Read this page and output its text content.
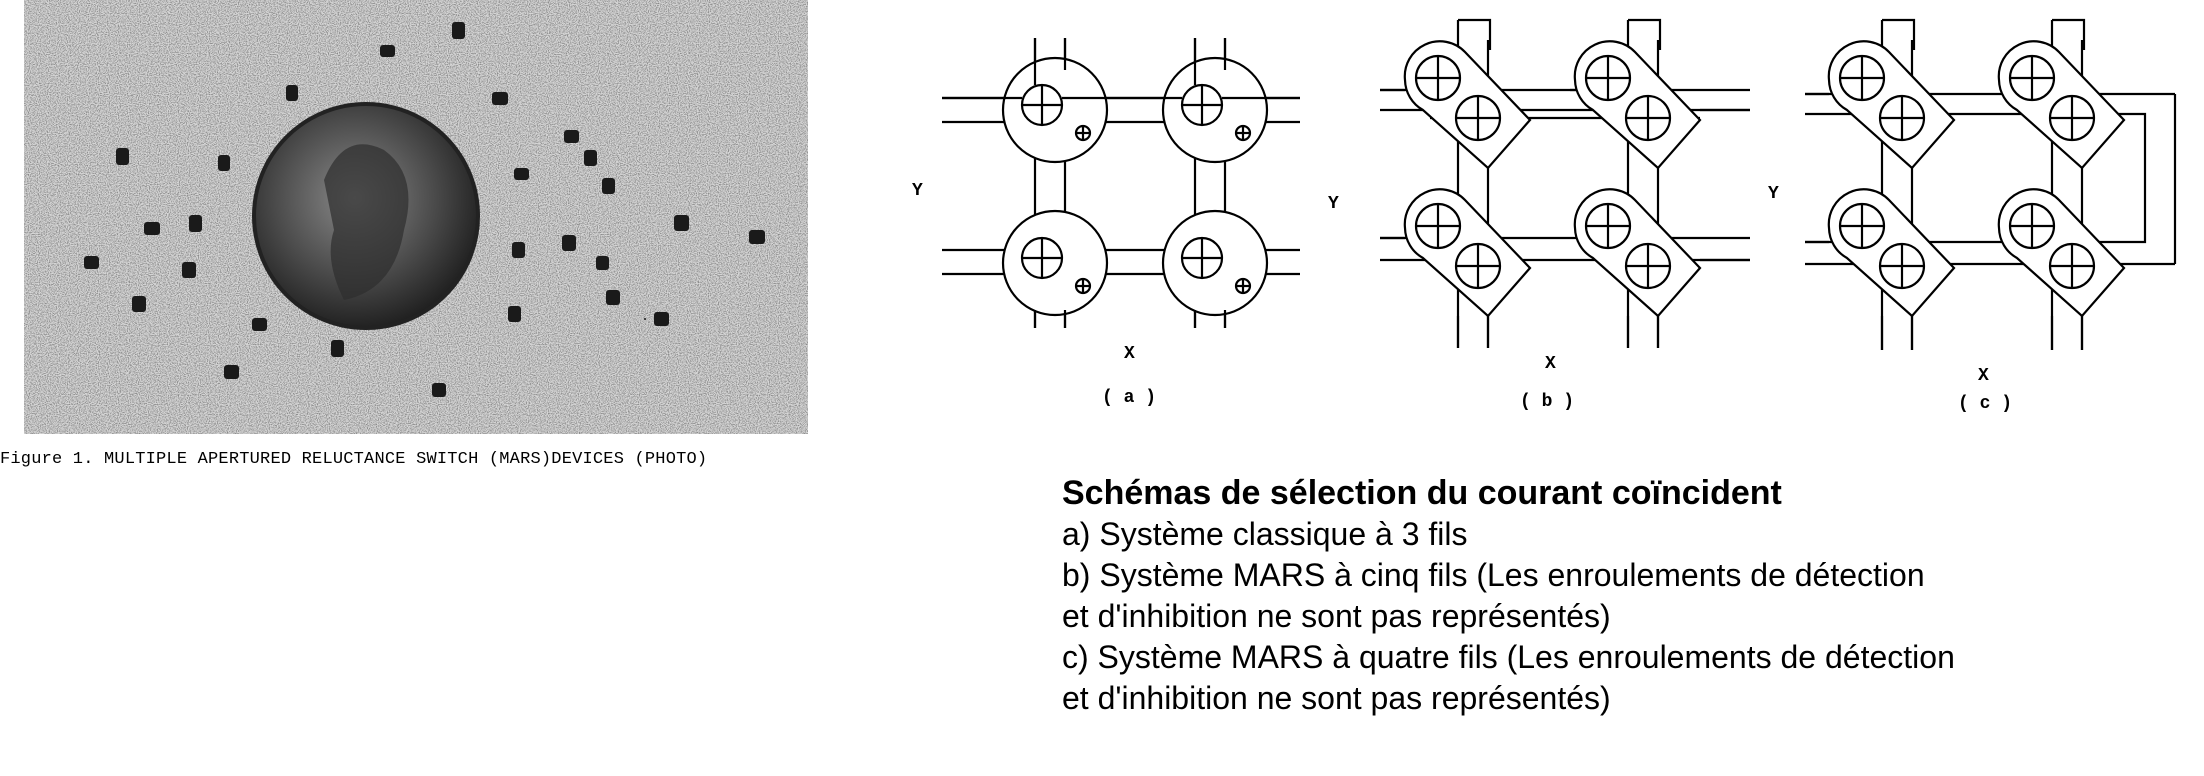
Figure 1. MULTIPLE APERTURED RELUCTANCE SWITCH (MARS)DEVICES (PHOTO)
Y
X
Y
X
Y
X
( a )	( b )	( c )
Schémas de sélection du courant coïncident
a) Système classique à 3 fils
b) Système MARS à cinq fils (Les enroulements de détection
et d'inhibition ne sont pas représentés)
c) Système MARS à quatre fils (Les enroulements de détection
et d'inhibition ne sont pas représentés)
